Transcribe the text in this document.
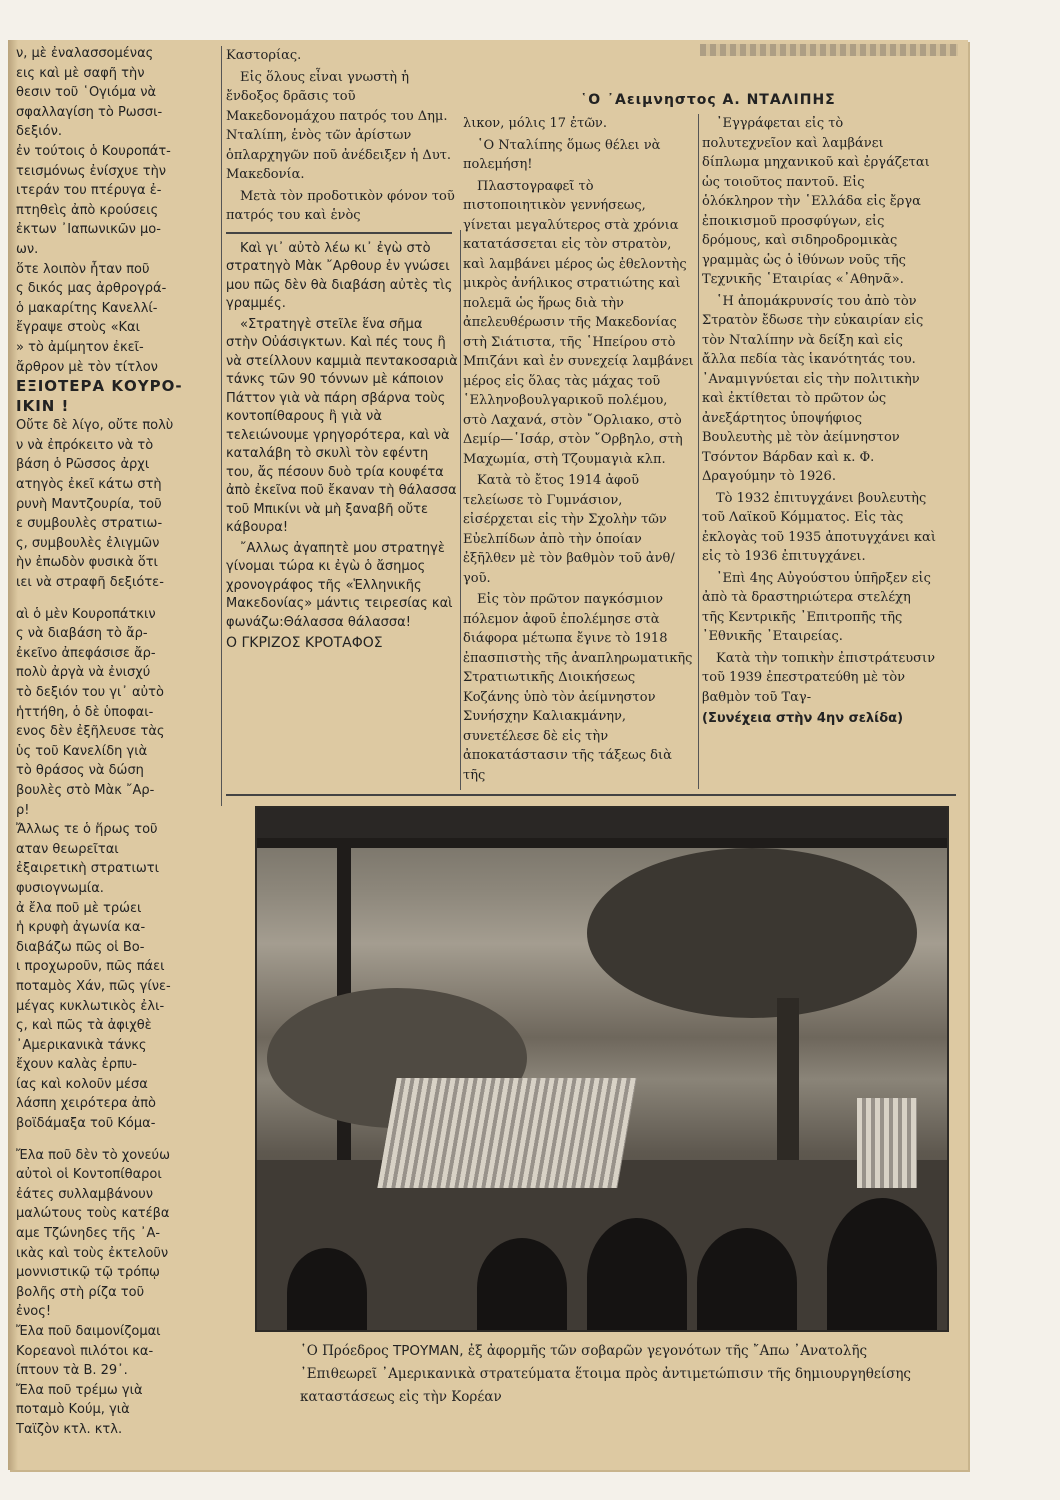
ν, μὲ ἐναλασσομένας
εις καὶ μὲ σαφῆ τὴν
θεσιν τοῦ ῾Ογιόμα νὰ
σφαλλαγίση τὸ Ρωσσι-
δεξιόν.
ἐν τούτοις ὁ Κουροπάτ-
τεισμόνως ἐνίσχυε τὴν
ιτεράν του πτέρυγα ἐ-
πτηθεὶς ἀπὸ κρούσεις
ἐκτων ᾽Ιαπωνικῶν μο-
ων.
ὅτε λοιπὸν ἦταν ποῦ
ς δικός μας ἀρθρογρά-
ὁ μακαρίτης Κανελλί-
ἔγραψε στοὺς «Και
» τὸ ἀμίμητον ἐκεῖ-
ἄρθρον μὲ τὸν τίτλον
ΕΞΙΟΤΕΡΑ ΚΟΥΡΟ-
ΙΚΙΝ !
Οὔτε δὲ λίγο, οὔτε πολὺ
ν νὰ ἐπρόκειτο νὰ τὸ
βάση ὁ Ρῶσσος ἀρχι
ατηγὸς ἐκεῖ κάτω στὴ
ρυνὴ Μαντζουρία, τοῦ
ε συμβουλὲς στρατιω-
ς, συμβουλὲς ἐλιγμῶν
ὴν ἐπωδὸν φυσικὰ ὅτι
ιει νὰ στραφῆ δεξιότε-
αὶ ὁ μὲν Κουροπάτκιν
ς νὰ διαβάση τὸ ἄρ-
ἐκεῖνο ἀπεφάσισε ἄρ-
πολὺ ἀργὰ νὰ ἐνισχύ
τὸ δεξιόν του γι᾽ αὐτὸ
ἡττήθη, ὁ δὲ ὑποφαι-
ενος δὲν ἐξῆλευσε τὰς
ὑς τοῦ Κανελίδη γιὰ
τὸ θράσος νὰ δώση
βουλὲς στὸ Μὰκ ῎Αρ-
ρ!
Ἄλλως τε ὁ ἥρως τοῦ
αταν θεωρεῖται
ἐξαιρετικὴ στρατιωτι
φυσιογνωμία.
ἀ ἔλα ποῦ μὲ τρώει
ἡ κρυφὴ ἀγωνία κα-
διαβάζω πῶς οἱ Βο-
ι προχωροῦν, πῶς πάει
ποταμὸς Χάν, πῶς γίνε-
μέγας κυκλωτικὸς ἐλι-
ς, καὶ πῶς τὰ ἀφιχθὲ
᾽Αμερικανικὰ τάνκς
ἔχουν καλὰς ἐρπυ-
ίας καὶ κολοῦν μέσα
λάσπη χειρότερα ἀπὸ
βοϊδάμαξα τοῦ Κόμα-
Ἔλα ποῦ δὲν τὸ χονεύω
αὐτοὶ οἱ Κοντοπίθαροι
ἐάτες συλλαμβάνουν
μαλώτους τοὺς κατέβα
αμε Τζώνηδες τῆς ᾽Α-
ικὰς καὶ τοὺς ἐκτελοῦν
μοννιστικῷ τῷ τρόπῳ
βολῆς στὴ ρίζα τοῦ
ἐνος!
Ἔλα ποῦ δαιμονίζομαι
Κορεανοὶ πιλότοι κα-
ίπτουν τὰ Β. 29᾽.
Ἔλα ποῦ τρέμω γιὰ
ποταμὸ Κούμ, γιὰ
Ταϊζὸν κτλ. κτλ.

Καστορίας.

Εἰς ὅλους εἶναι γνωστὴ ἡ ἔνδοξος δρᾶσις τοῦ Μακεδονομάχου πατρός του Δημ. Νταλίπη, ἑνὸς τῶν ἀρίστων ὁπλαρχηγῶν ποῦ ἀνέδειξεν ἡ Δυτ. Μακεδονία.

Μετὰ τὸν προδοτικὸν φόνον τοῦ πατρός του καὶ ἑνὸς

Καὶ γι᾽ αὐτὸ λέω κι᾽ ἐγὼ στὸ στρατηγὸ Μὰκ ῎Αρθουρ ἐν γνώσει μου πῶς δὲν θὰ διαβάση αὐτὲς τὶς γραμμές.

«Στρατηγὲ στεῖλε ἕνα σῆμα στὴν Οὐάσιγκτων. Καὶ πές τους ἢ νὰ στείλλουν καμμιὰ πεντακοσαριὰ τάνκς τῶν 90 τόννων μὲ κάποιον Πάττον γιὰ νὰ πάρη σβάρνα τοὺς κοντοπίθαρους ἢ γιὰ νὰ τελειώνουμε γρηγορότερα, καὶ νὰ καταλάβη τὸ σκυλὶ τὸν εφέντη του, ἄς πέσουν δυὸ τρία κουφέτα ἀπὸ ἐκεῖνα ποῦ ἔκαναν τὴ θάλασσα τοῦ Μπικίνι νὰ μὴ ξαναβῆ οὔτε κάβουρα!

῎Αλλως ἀγαπητὲ μου στρατηγὲ γίνομαι τώρα κι ἐγὼ ὁ ἄσημος χρονογράφος τῆς «Ἑλληνικῆς Μακεδονίας» μάντις τειρεσίας καὶ φωνάζω:Θάλασσα θάλασσα!

Ο ΓΚΡΙΖΟΣ ΚΡΟΤΑΦΟΣ

῾Ο ᾽Αειμνηστος Α. ΝΤΑΛΙΠΗΣ

λικον, μόλις 17 ἐτῶν.

῾Ο Νταλίπης ὅμως θέλει νὰ πολεμήση!

Πλαστογραφεῖ τὸ πιστοποιητικὸν γεννήσεως, γίνεται μεγαλύτερος στὰ χρόνια κατατάσσεται εἰς τὸν στρατὸν, καὶ λαμβάνει μέρος ὡς ἐθελοντὴς μικρὸς ἀνήλικος στρατιώτης καὶ πολεμᾶ ὡς ἥρως διὰ τὴν ἀπελευθέρωσιν τῆς Μακεδονίας στὴ Σιάτιστα, τῆς ῾Ηπείρου στὸ Μπιζάνι καὶ ἐν συνεχείᾳ λαμβάνει μέρος εἰς ὅλας τὰς μάχας τοῦ ῾Ελληνοβουλγαρικοῦ πολέμου, στὸ Λαχανά, στὸν ῎Ορλιακο, στὸ Δεμίρ—῾Ισάρ, στὸν ῎Ορβηλο, στὴ Μαχωμία, στὴ Τζουμαγιὰ κλπ.

Κατὰ τὸ ἔτος 1914 ἀφοῦ τελείωσε τὸ Γυμνάσιον, εἰσέρχεται εἰς τὴν Σχολὴν τῶν Εὐελπίδων ἀπὸ τὴν ὁποίαν ἐξῆλθεν μὲ τὸν βαθμὸν τοῦ ἀνθ/γοῦ.

Εἰς τὸν πρῶτον παγκόσμιον πόλεμον ἀφοῦ ἐπολέμησε στὰ διάφορα μέτωπα ἔγινε τὸ 1918 ἐπασπιστὴς τῆς ἀναπληρωματικῆς Στρατιωτικῆς Διοικήσεως Κοζάνης ὑπὸ τὸν ἀείμνηστον Συνήσχην Καλιακμάνην, συνετέλεσε δὲ εἰς τὴν ἀποκατάστασιν τῆς τάξεως διὰ τῆς

᾽Εγγράφεται εἰς τὸ πολυτεχνεῖον καὶ λαμβάνει δίπλωμα μηχανικοῦ καὶ ἐργάζεται ὡς τοιοῦτος παντοῦ. Εἰς ὁλόκληρον τὴν ῾Ελλάδα εἰς ἔργα ἐποικισμοῦ προσφύγων, εἰς δρόμους, καὶ σιδηροδρομικὰς γραμμὰς ὡς ὁ ἰθύνων νοῦς τῆς Τεχνικῆς ῾Εταιρίας «᾽Αθηνᾶ».

῾Η ἀπομάκρυνσίς του ἀπὸ τὸν Στρατὸν ἔδωσε τὴν εὐκαιρίαν εἰς τὸν Νταλίπην νὰ δείξη καὶ εἰς ἄλλα πεδία τὰς ἱκανότητάς του. ᾽Αναμιγνύεται εἰς τὴν πολιτικὴν καὶ ἐκτίθεται τὸ πρῶτον ὡς ἀνεξάρτητος ὑποψήφιος Βουλευτὴς μὲ τὸν ἀείμνηστον Τσόντον Βάρδαν καὶ κ. Φ. Δραγούμην τὸ 1926.

Τὸ 1932 ἐπιτυγχάνει βουλευτὴς τοῦ Λαϊκοῦ Κόμματος. Εἰς τὰς ἐκλογὰς τοῦ 1935 ἀποτυγχάνει καὶ εἰς τὸ 1936 ἐπιτυγχάνει.

᾽Επὶ 4ης Αὐγούστου ὑπῆρξεν εἰς ἀπὸ τὰ δραστηριώτερα στελέχη τῆς Κεντρικῆς ᾽Επιτροπῆς τῆς ᾽Εθνικῆς ᾽Εταιρείας.

Κατὰ τὴν τοπικὴν ἐπιστράτευσιν τοῦ 1939 ἐπεστρατεύθη μὲ τὸν βαθμὸν τοῦ Ταγ-

(Συνέχεια στὴν 4ην σελίδα)

῾Ο Πρόεδρος ΤΡΟΥΜΑΝ, ἐξ ἀφορμῆς τῶν σοβαρῶν γεγονότων τῆς ῎Απω ᾽Ανατολῆς
᾽Επιθεωρεῖ ᾽Αμερικανικὰ στρατεύματα ἕτοιμα πρὸς ἀντιμετώπισιν τῆς δημιουργηθείσης καταστάσεως εἰς τὴν Κορέαν
